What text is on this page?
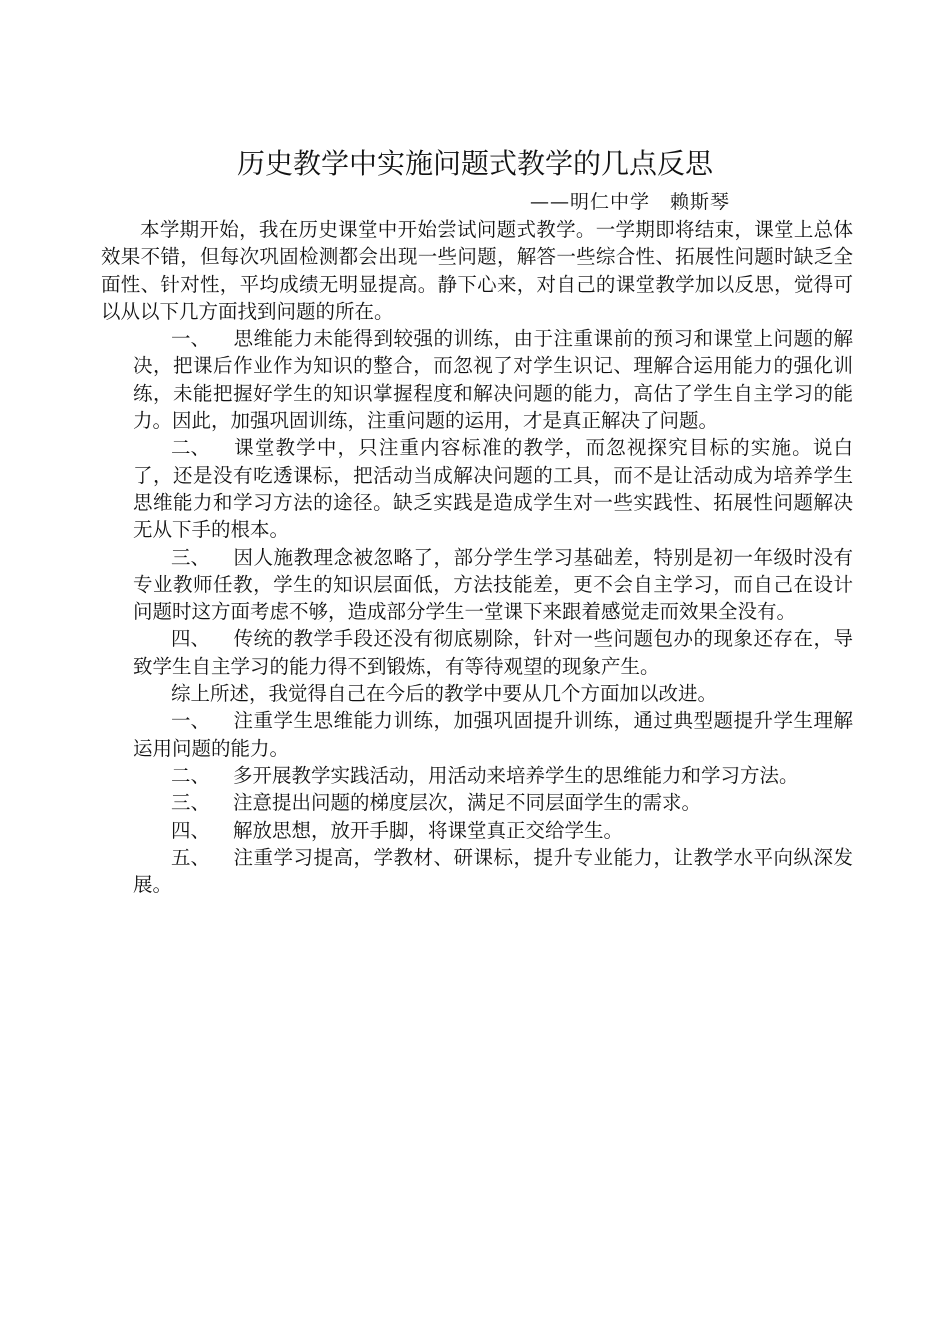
历史教学中实施问题式教学的几点反思

——明仁中学　赖斯琴

本学期开始，我在历史课堂中开始尝试问题式教学。一学期即将结束，课堂上总体效果不错，但每次巩固检测都会出现一些问题，解答一些综合性、拓展性问题时缺乏全面性、针对性，平均成绩无明显提高。静下心来，对自己的课堂教学加以反思，觉得可以从以下几方面找到问题的所在。

一、 思维能力未能得到较强的训练，由于注重课前的预习和课堂上问题的解决，把课后作业作为知识的整合，而忽视了对学生识记、理解合运用能力的强化训练，未能把握好学生的知识掌握程度和解决问题的能力，高估了学生自主学习的能力。因此，加强巩固训练，注重问题的运用，才是真正解决了问题。

二、 课堂教学中，只注重内容标准的教学，而忽视探究目标的实施。说白了，还是没有吃透课标，把活动当成解决问题的工具，而不是让活动成为培养学生思维能力和学习方法的途径。缺乏实践是造成学生对一些实践性、拓展性问题解决无从下手的根本。

三、 因人施教理念被忽略了，部分学生学习基础差，特别是初一年级时没有专业教师任教，学生的知识层面低，方法技能差，更不会自主学习，而自己在设计问题时这方面考虑不够，造成部分学生一堂课下来跟着感觉走而效果全没有。

四、 传统的教学手段还没有彻底剔除，针对一些问题包办的现象还存在，导致学生自主学习的能力得不到锻炼，有等待观望的现象产生。

综上所述，我觉得自己在今后的教学中要从几个方面加以改进。

一、 注重学生思维能力训练，加强巩固提升训练，通过典型题提升学生理解运用问题的能力。

二、 多开展教学实践活动，用活动来培养学生的思维能力和学习方法。

三、 注意提出问题的梯度层次，满足不同层面学生的需求。

四、 解放思想，放开手脚，将课堂真正交给学生。

五、 注重学习提高，学教材、研课标，提升专业能力，让教学水平向纵深发展。
